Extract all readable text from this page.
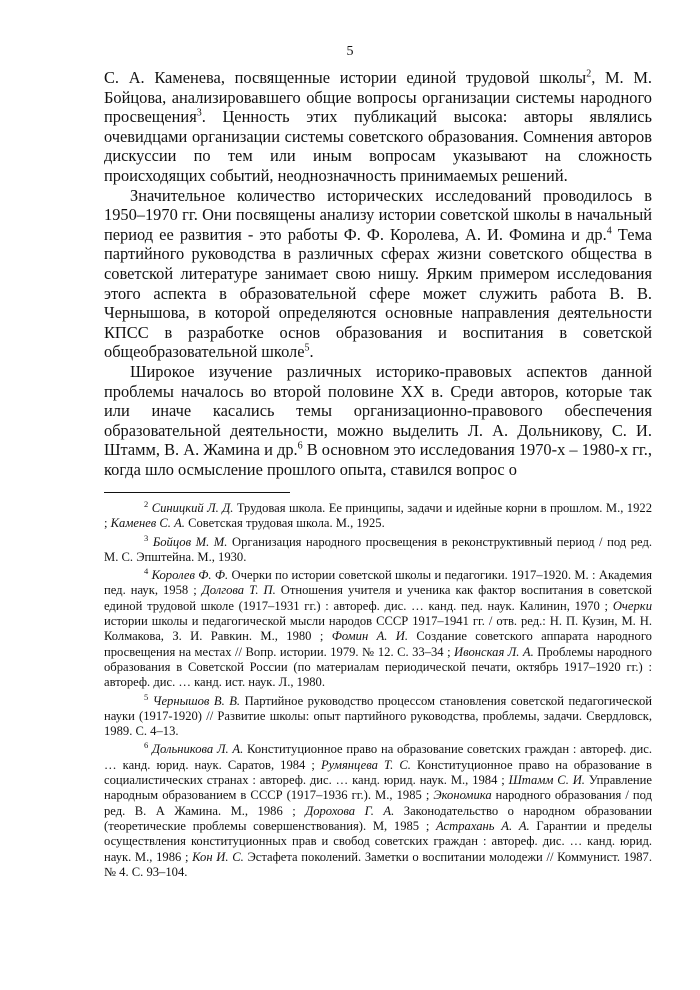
5

С. А. Каменева, посвященные истории единой трудовой школы$^2$, М. М. Бойцова, анализировавшего общие вопросы организации системы народного просвещения$^3$. Ценность этих публикаций высока: авторы являлись очевидцами организации системы советского образования. Сомнения авторов дискуссии по тем или иным вопросам указывают на сложность происходящих событий, неоднозначность принимаемых решений.

Значительное количество исторических исследований проводилось в 1950–1970 гг. Они посвящены анализу истории советской школы в начальный период ее развития - это работы Ф. Ф. Королева, А. И. Фомина и др.$^4$ Тема партийного руководства в различных сферах жизни советского общества в советской литературе занимает свою нишу. Ярким примером исследования этого аспекта в образовательной сфере может служить работа В. В. Чернышова, в которой определяются основные направления деятельности КПСС в разработке основ образования и воспитания в советской общеобразовательной школе$^5$.

Широкое изучение различных историко-правовых аспектов данной проблемы началось во второй половине XX в. Среди авторов, которые так или иначе касались темы организационно-правового обеспечения образовательной деятельности, можно выделить Л. А. Дольникову, С. И. Штамм, В. А. Жамина и др.$^6$ В основном это исследования 1970-х – 1980-х гг., когда шло осмысление прошлого опыта, ставился вопрос о

$^2$ Синицкий Л. Д. Трудовая школа. Ее принципы, задачи и идейные корни в прошлом. М., 1922 ; Каменев С. А. Советская трудовая школа. М., 1925.

$^3$ Бойцов М. М. Организация народного просвещения в реконструктивный период / под ред. М. С. Эпштейна. М., 1930.

$^4$ Королев Ф. Ф. Очерки по истории советской школы и педагогики. 1917–1920. М. : Академия пед. наук, 1958 ; Долгова Т. П. Отношения учителя и ученика как фактор воспитания в советской единой трудовой школе (1917–1931 гг.) : автореф. дис. … канд. пед. наук. Калинин, 1970 ; Очерки истории школы и педагогической мысли народов СССР 1917–1941 гг. / отв. ред.: Н. П. Кузин, М. Н. Колмакова, З. И. Равкин. М., 1980 ; Фомин А. И. Создание советского аппарата народного просвещения на местах // Вопр. истории. 1979. № 12. С. 33–34 ; Ивонская Л. А. Проблемы народного образования в Советской России (по материалам периодической печати, октябрь 1917–1920 гг.) : автореф. дис. … канд. ист. наук. Л., 1980.

$^5$ Чернышов В. В. Партийное руководство процессом становления советской педагогической науки (1917-1920) // Развитие школы: опыт партийного руководства, проблемы, задачи. Свердловск, 1989. С. 4–13.

$^6$ Дольникова Л. А. Конституционное право на образование советских граждан : автореф. дис. … канд. юрид. наук. Саратов, 1984 ; Румянцева Т. С. Конституционное право на образование в социалистических странах : автореф. дис. … канд. юрид. наук. М., 1984 ; Штамм С. И. Управление народным образованием в СССР (1917–1936 гг.). М., 1985 ; Экономика народного образования / под ред. В. А Жамина. М., 1986 ; Дорохова Г. А. Законодательство о народном образовании (теоретические проблемы совершенствования). М, 1985 ; Астрахань А. А. Гарантии и пределы осуществления конституционных прав и свобод советских граждан : автореф. дис. … канд. юрид. наук. М., 1986 ; Кон И. С. Эстафета поколений. Заметки о воспитании молодежи // Коммунист. 1987. № 4. С. 93–104.
